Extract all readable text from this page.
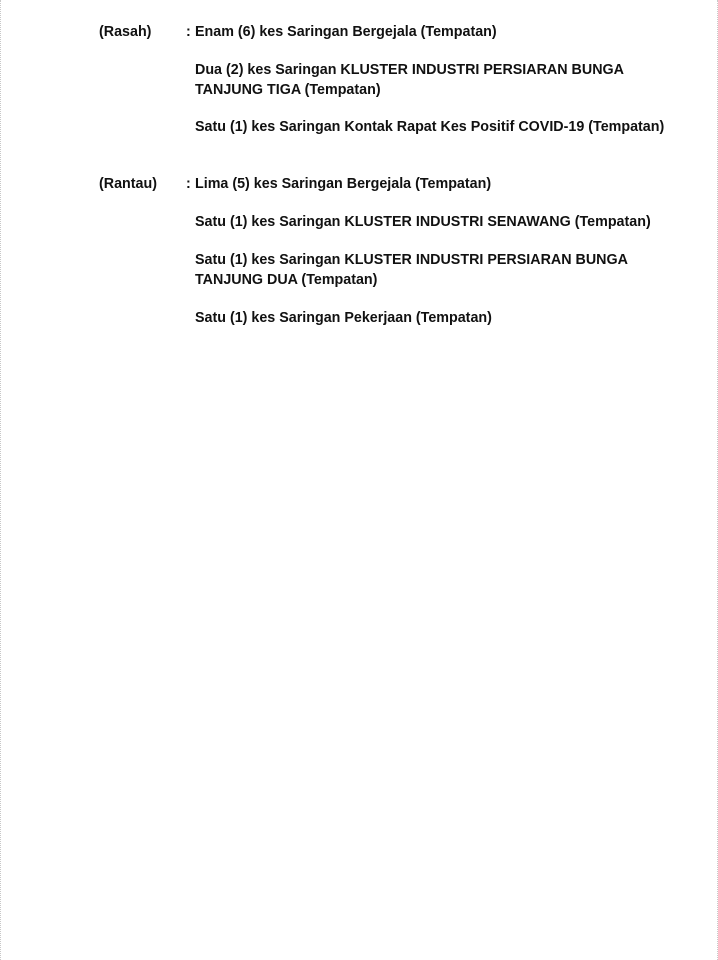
(Rasah) : Enam (6) kes Saringan Bergejala (Tempatan)
Dua (2) kes Saringan KLUSTER INDUSTRI PERSIARAN BUNGA
TANJUNG TIGA (Tempatan)
Satu (1) kes Saringan Kontak Rapat Kes Positif COVID-19 (Tempatan)
(Rantau) : Lima (5) kes Saringan Bergejala (Tempatan)
Satu (1) kes Saringan KLUSTER INDUSTRI SENAWANG (Tempatan)
Satu (1) kes Saringan KLUSTER INDUSTRI PERSIARAN BUNGA
TANJUNG DUA (Tempatan)
Satu (1) kes Saringan Pekerjaan (Tempatan)
